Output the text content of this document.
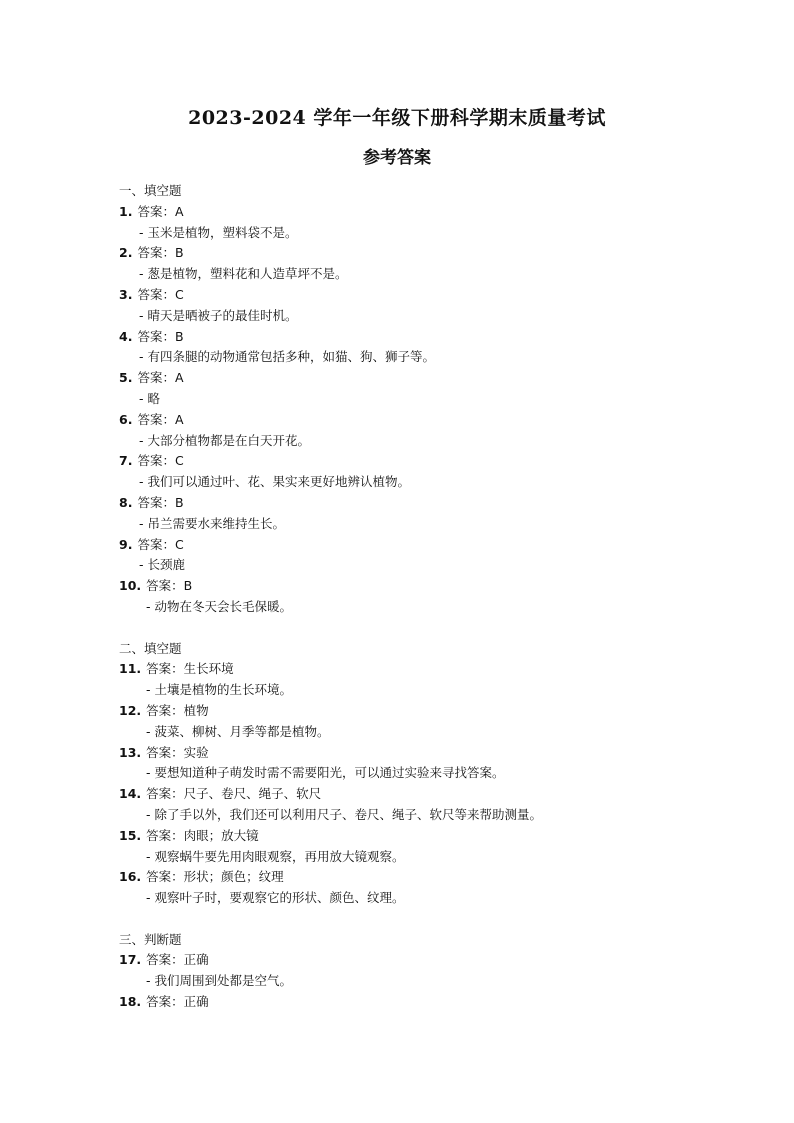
2023-2024 学年一年级下册科学期末质量考试
参考答案
一、填空题
1. 答案：A
- 玉米是植物，塑料袋不是。
2. 答案：B
- 葱是植物，塑料花和人造草坪不是。
3. 答案：C
- 晴天是晒被子的最佳时机。
4. 答案：B
- 有四条腿的动物通常包括多种，如猫、狗、狮子等。
5. 答案：A
- 略
6. 答案：A
- 大部分植物都是在白天开花。
7. 答案：C
- 我们可以通过叶、花、果实来更好地辨认植物。
8. 答案：B
- 吊兰需要水来维持生长。
9. 答案：C
- 长颈鹿
10. 答案：B
- 动物在冬天会长毛保暖。
二、填空题
11. 答案：生长环境
- 土壤是植物的生长环境。
12. 答案：植物
- 菠菜、柳树、月季等都是植物。
13. 答案：实验
- 要想知道种子萌发时需不需要阳光，可以通过实验来寻找答案。
14. 答案：尺子、卷尺、绳子、软尺
- 除了手以外，我们还可以利用尺子、卷尺、绳子、软尺等来帮助测量。
15. 答案：肉眼；放大镜
- 观察蜗牛要先用肉眼观察，再用放大镜观察。
16. 答案：形状；颜色；纹理
- 观察叶子时，要观察它的形状、颜色、纹理。
三、判断题
17. 答案：正确
- 我们周围到处都是空气。
18. 答案：正确
